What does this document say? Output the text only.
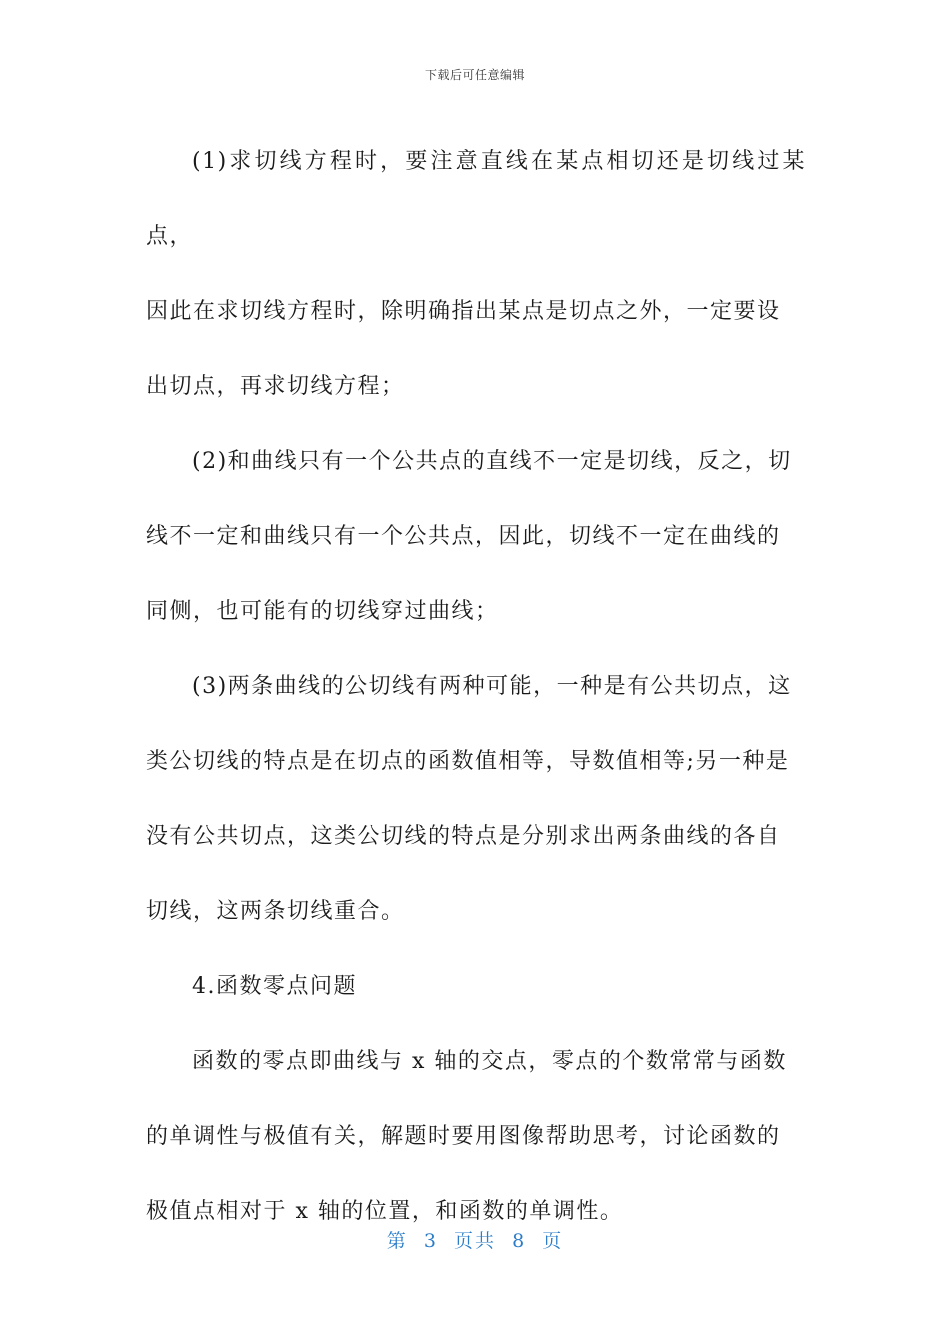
下载后可任意编辑
(1)求切线方程时，要注意直线在某点相切还是切线过某点，
因此在求切线方程时，除明确指出某点是切点之外，一定要设
出切点，再求切线方程；
(2)和曲线只有一个公共点的直线不一定是切线，反之，切
线不一定和曲线只有一个公共点，因此，切线不一定在曲线的
同侧，也可能有的切线穿过曲线；
(3)两条曲线的公切线有两种可能，一种是有公共切点，这
类公切线的特点是在切点的函数值相等，导数值相等;另一种是
没有公共切点，这类公切线的特点是分别求出两条曲线的各自
切线，这两条切线重合。
4.函数零点问题
函数的零点即曲线与 x 轴的交点，零点的个数常常与函数
的单调性与极值有关，解题时要用图像帮助思考，讨论函数的
极值点相对于 x 轴的位置，和函数的单调性。
第  3  页共  8  页
